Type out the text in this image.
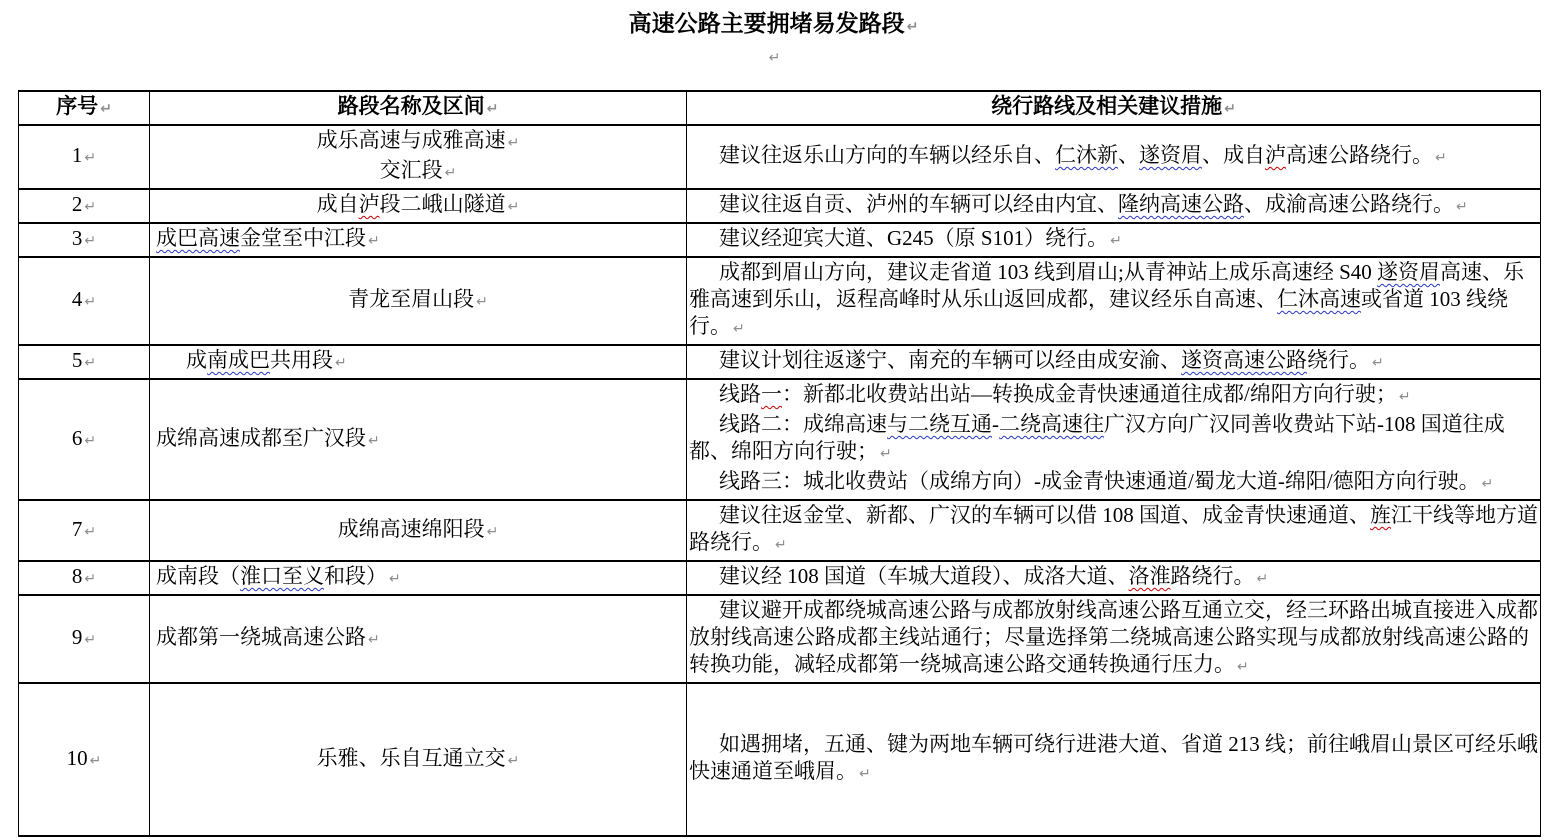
高速公路主要拥堵易发路段 ↵
↵
序号 ↵	路段名称及区间 ↵	绕行路线及相关建议措施 ↵

1 ↵	成乐高速与成雅高速 ↵
交汇段 ↵	建议往返乐山方向的车辆以经乐自、仁沐新、遂资眉、成自泸高速公路绕行。 ↵

2 ↵	成自泸段二峨山隧道 ↵	建议往返自贡、泸州的车辆可以经由内宜、隆纳高速公路、成渝高速公路绕行。 ↵

3 ↵	成巴高速金堂至中江段 ↵	建议经迎宾大道、G245（原 S101）绕行。 ↵

4 ↵	青龙至眉山段 ↵	成都到眉山方向，建议走省道 103 线到眉山;从青神站上成乐高速经 S40 遂资眉高速、乐雅高速到乐山，返程高峰时从乐山返回成都，建议经乐自高速、仁沐高速或省道 103 线绕行。 ↵

5 ↵	成南成巴共用段 ↵	建议计划往返遂宁、南充的车辆可以经由成安渝、遂资高速公路绕行。 ↵

6 ↵	成绵高速成都至广汉段 ↵	线路一：新都北收费站出站—转换成金青快速通道往成都/绵阳方向行驶； ↵
线路二：成绵高速与二绕互通-二绕高速往广汉方向广汉同善收费站下站-108 国道往成都、绵阳方向行驶； ↵
线路三：城北收费站（成绵方向）-成金青快速通道/蜀龙大道-绵阳/德阳方向行驶。 ↵

7 ↵	成绵高速绵阳段 ↵	建议往返金堂、新都、广汉的车辆可以借 108 国道、成金青快速通道、旌江干线等地方道路绕行。 ↵

8 ↵	成南段（淮口至义和段） ↵	建议经 108 国道（车城大道段）、成洛大道、洛淮路绕行。 ↵

9 ↵	成都第一绕城高速公路 ↵	建议避开成都绕城高速公路与成都放射线高速公路互通立交，经三环路出城直接进入成都放射线高速公路成都主线站通行；尽量选择第二绕城高速公路实现与成都放射线高速公路的转换功能，减轻成都第一绕城高速公路交通转换通行压力。 ↵

10 ↵	乐雅、乐自互通立交 ↵	如遇拥堵，五通、键为两地车辆可绕行进港大道、省道 213 线；前往峨眉山景区可经乐峨快速通道至峨眉。 ↵
